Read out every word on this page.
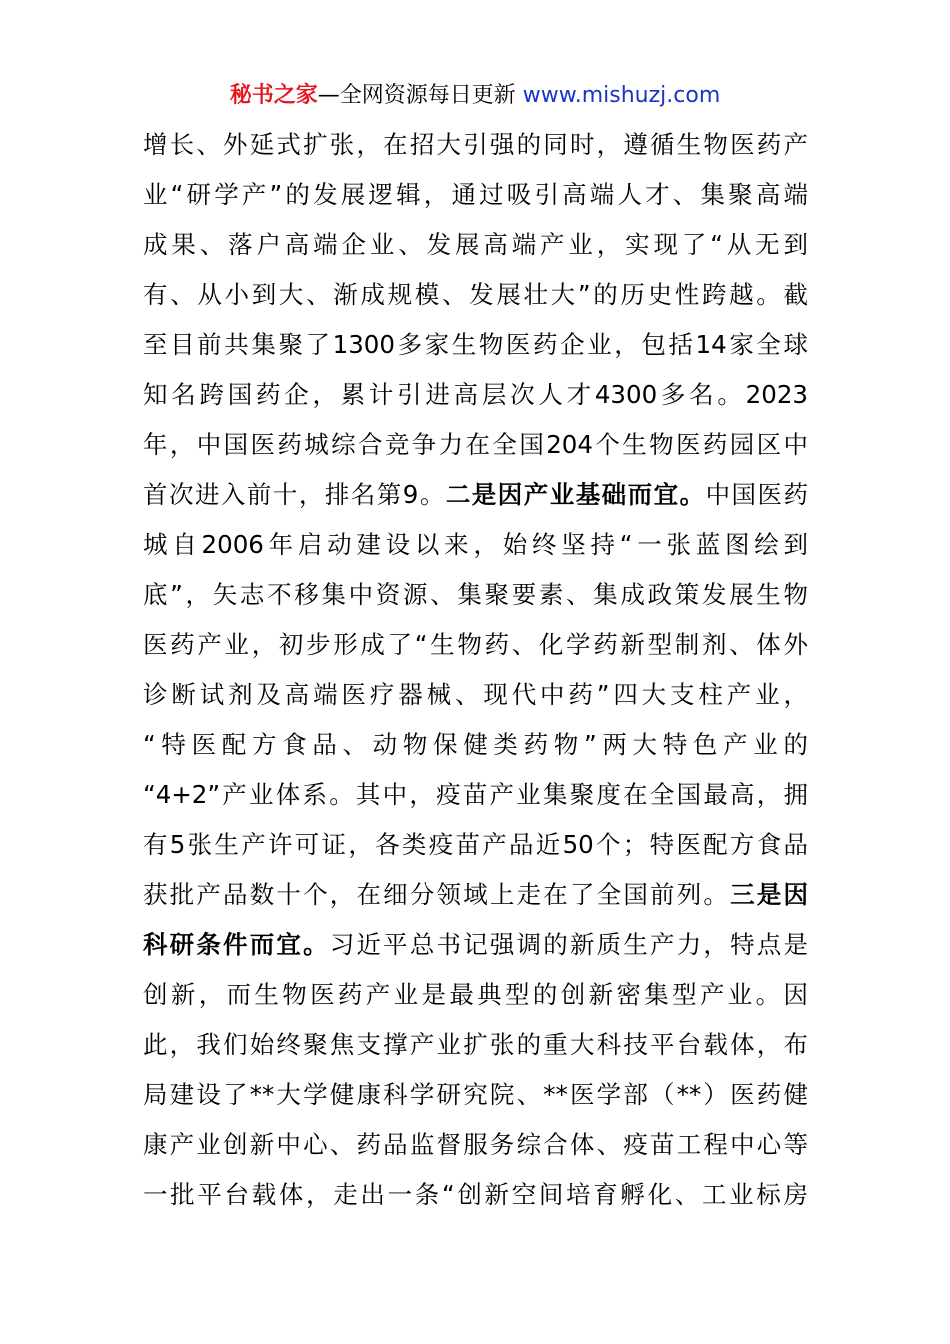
秘书之家—全网资源每日更新 www.mishuzj.com
增长、外延式扩张，在招大引强的同时，遵循生物医药产
业“研学产”的发展逻辑，通过吸引高端人才、集聚高端
成果、落户高端企业、发展高端产业，实现了“从无到
有、从小到大、渐成规模、发展壮大”的历史性跨越。截
至目前共集聚了1300多家生物医药企业，包括14家全球
知名跨国药企，累计引进高层次人才4300多名。2023
年，中国医药城综合竞争力在全国204个生物医药园区中
首次进入前十，排名第9。二是因产业基础而宜。中国医药
城自2006年启动建设以来，始终坚持“一张蓝图绘到
底”，矢志不移集中资源、集聚要素、集成政策发展生物
医药产业，初步形成了“生物药、化学药新型制剂、体外
诊断试剂及高端医疗器械、现代中药”四大支柱产业，
“特医配方食品、动物保健类药物”两大特色产业的
“4+2”产业体系。其中，疫苗产业集聚度在全国最高，拥
有5张生产许可证，各类疫苗产品近50个；特医配方食品
获批产品数十个，在细分领域上走在了全国前列。三是因
科研条件而宜。习近平总书记强调的新质生产力，特点是
创新，而生物医药产业是最典型的创新密集型产业。因
此，我们始终聚焦支撑产业扩张的重大科技平台载体，布
局建设了**大学健康科学研究院、**医学部（**）医药健
康产业创新中心、药品监督服务综合体、疫苗工程中心等
一批平台载体，走出一条“创新空间培育孵化、工业标房
